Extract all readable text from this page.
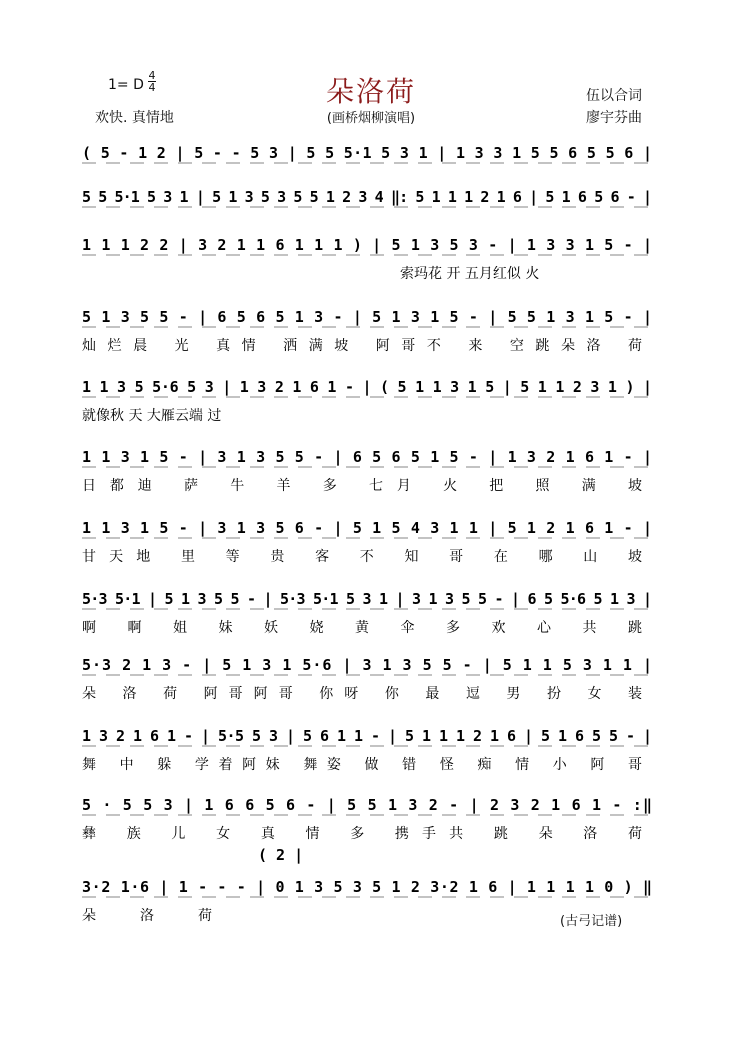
1= D
4
4
欢快. 真情地
朵洛荷
(画桥烟柳演唱)
伍以合词
廖宇芬曲
( 5 - 1 2 | 5 - - 5 3 | 5 5 5·1 5 3 1 | 1 3 3 1 5 5 6 5 5 6 |
5 5 5·1 5 3 1 | 5 1 3 5 3 5 5 1 2 3 4 ‖: 5 1 1 1 2 1 6 | 5 1 6 5 6 - |
1 1 1 2 2 | 3 2 1 1 6 1 1 1 ) | 5 1 3 5 3 - | 1 3 3 1 5 - |
索玛花 开 五月红似 火
5 1 3 5 5 - | 6 5 6 5 1 3 - | 5 1 3 1 5 - | 5 5 1 3 1 5 - |
灿烂晨 光 真情 洒满坡 阿哥不 来 空跳朵洛 荷
1 1 3 5 5·6 5 3 | 1 3 2 1 6 1 - | ( 5 1 1 3 1 5 | 5 1 1 2 3 1 ) |
就像秋 天 大雁云端 过
1 1 3 1 5 - | 3 1 3 5 5 - | 6 5 6 5 1 5 - | 1 3 2 1 6 1 - |
日都迪 萨 牛 羊 多 七月 火 把 照 满 坡
1 1 3 1 5 - | 3 1 3 5 6 - | 5 1 5 4 3 1 1 | 5 1 2 1 6 1 - |
甘天地 里 等 贵 客 不 知 哥 在 哪 山 坡
5·3 5·1 | 5 1 3 5 5 - | 5·3 5·1 5 3 1 | 3 1 3 5 5 - | 6 5 5·6 5 1 3 |
啊 啊 姐 妹 妖 娆 黄 伞 多 欢 心 共 跳
5·3 2 1 3 - | 5 1 3 1 5·6 | 3 1 3 5 5 - | 5 1 1 5 3 1 1 |
朵 洛 荷 阿哥阿哥 你呀 你 最 逗 男 扮 女 装
1 3 2 1 6 1 - | 5·5 5 3 | 5 6 1 1 - | 5 1 1 1 2 1 6 | 5 1 6 5 5 - |
舞 中 躲 学着阿妹 舞姿 做 错 怪 痴 情 小 阿 哥
5 · 5 5 3 | 1 6 6 5 6 - | 5 5 1 3 2 - | 2 3 2 1 6 1 - :‖
彝 族 儿 女 真 情 多 携手共 跳 朵 洛 荷
( 2 |
3·2 1·6 | 1 - - - | 0 1 3 5 3 5 1 2 3·2 1 6 | 1 1 1 1 0 ) ‖
朵 洛 荷	(古弓记谱)
